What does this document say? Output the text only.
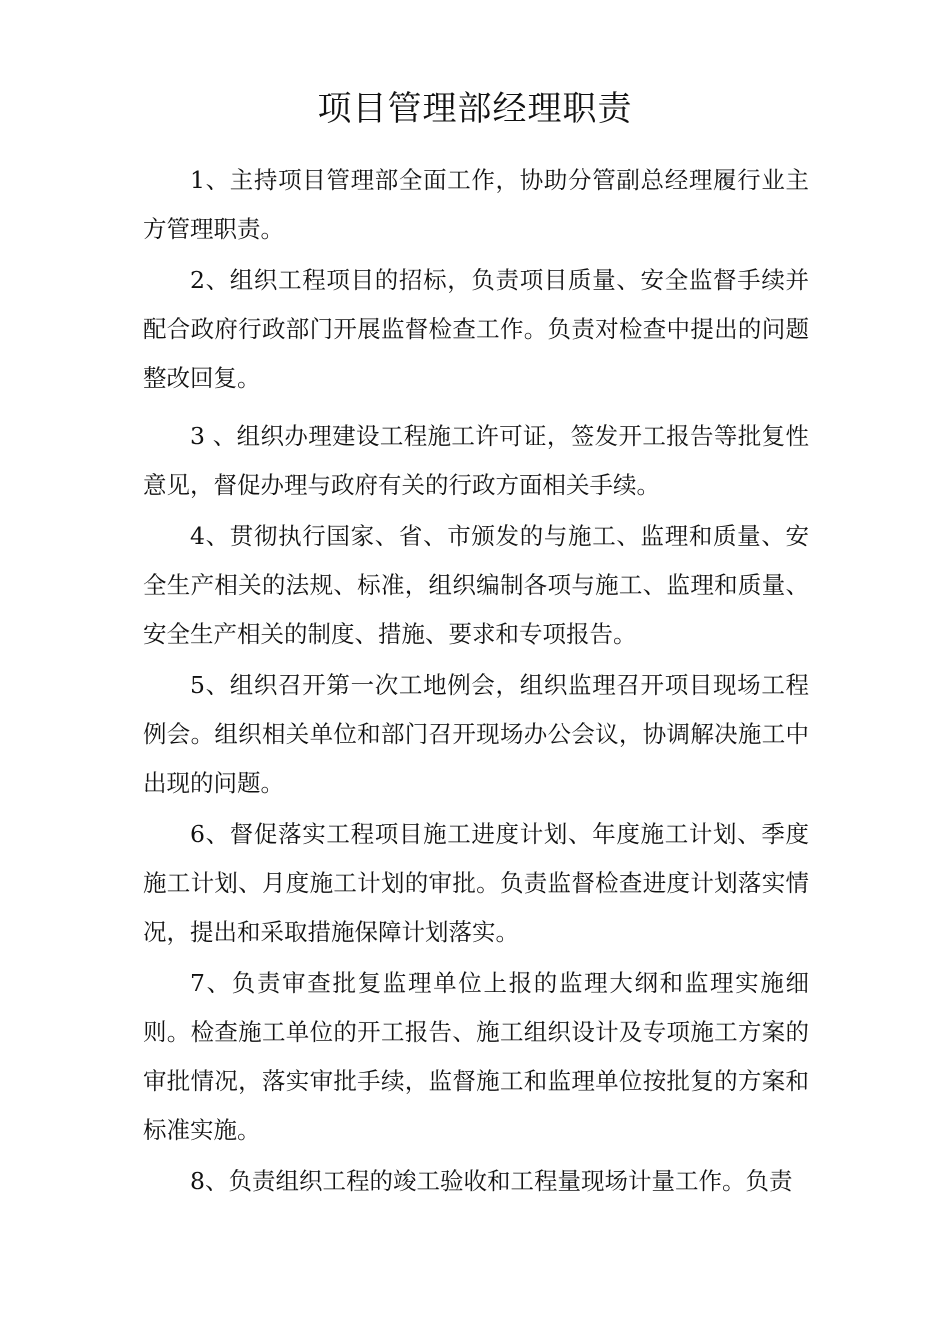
项目管理部经理职责

1、主持项目管理部全面工作，协助分管副总经理履行业主方管理职责。

2、组织工程项目的招标，负责项目质量、安全监督手续并配合政府行政部门开展监督检查工作。负责对检查中提出的问题整改回复。

3 、组织办理建设工程施工许可证，签发开工报告等批复性 意见，督促办理与政府有关的行政方面相关手续。

4、贯彻执行国家、省、市颁发的与施工、监理和质量、安全生产相关的法规、标准，组织编制各项与施工、监理和质量、安全生产相关的制度、措施、要求和专项报告。

5、组织召开第一次工地例会，组织监理召开项目现场工程例会。组织相关单位和部门召开现场办公会议，协调解决施工中出现的问题。

6、督促落实工程项目施工进度计划、年度施工计划、季度施工计划、月度施工计划的审批。负责监督检查进度计划落实情况，提出和采取措施保障计划落实。

7、负责审查批复监理单位上报的监理大纲和监理实施细则。检查施工单位的开工报告、施工组织设计及专项施工方案的审批情况，落实审批手续，监督施工和监理单位按批复的方案和标准实施。

8、负责组织工程的竣工验收和工程量现场计量工作。负责
